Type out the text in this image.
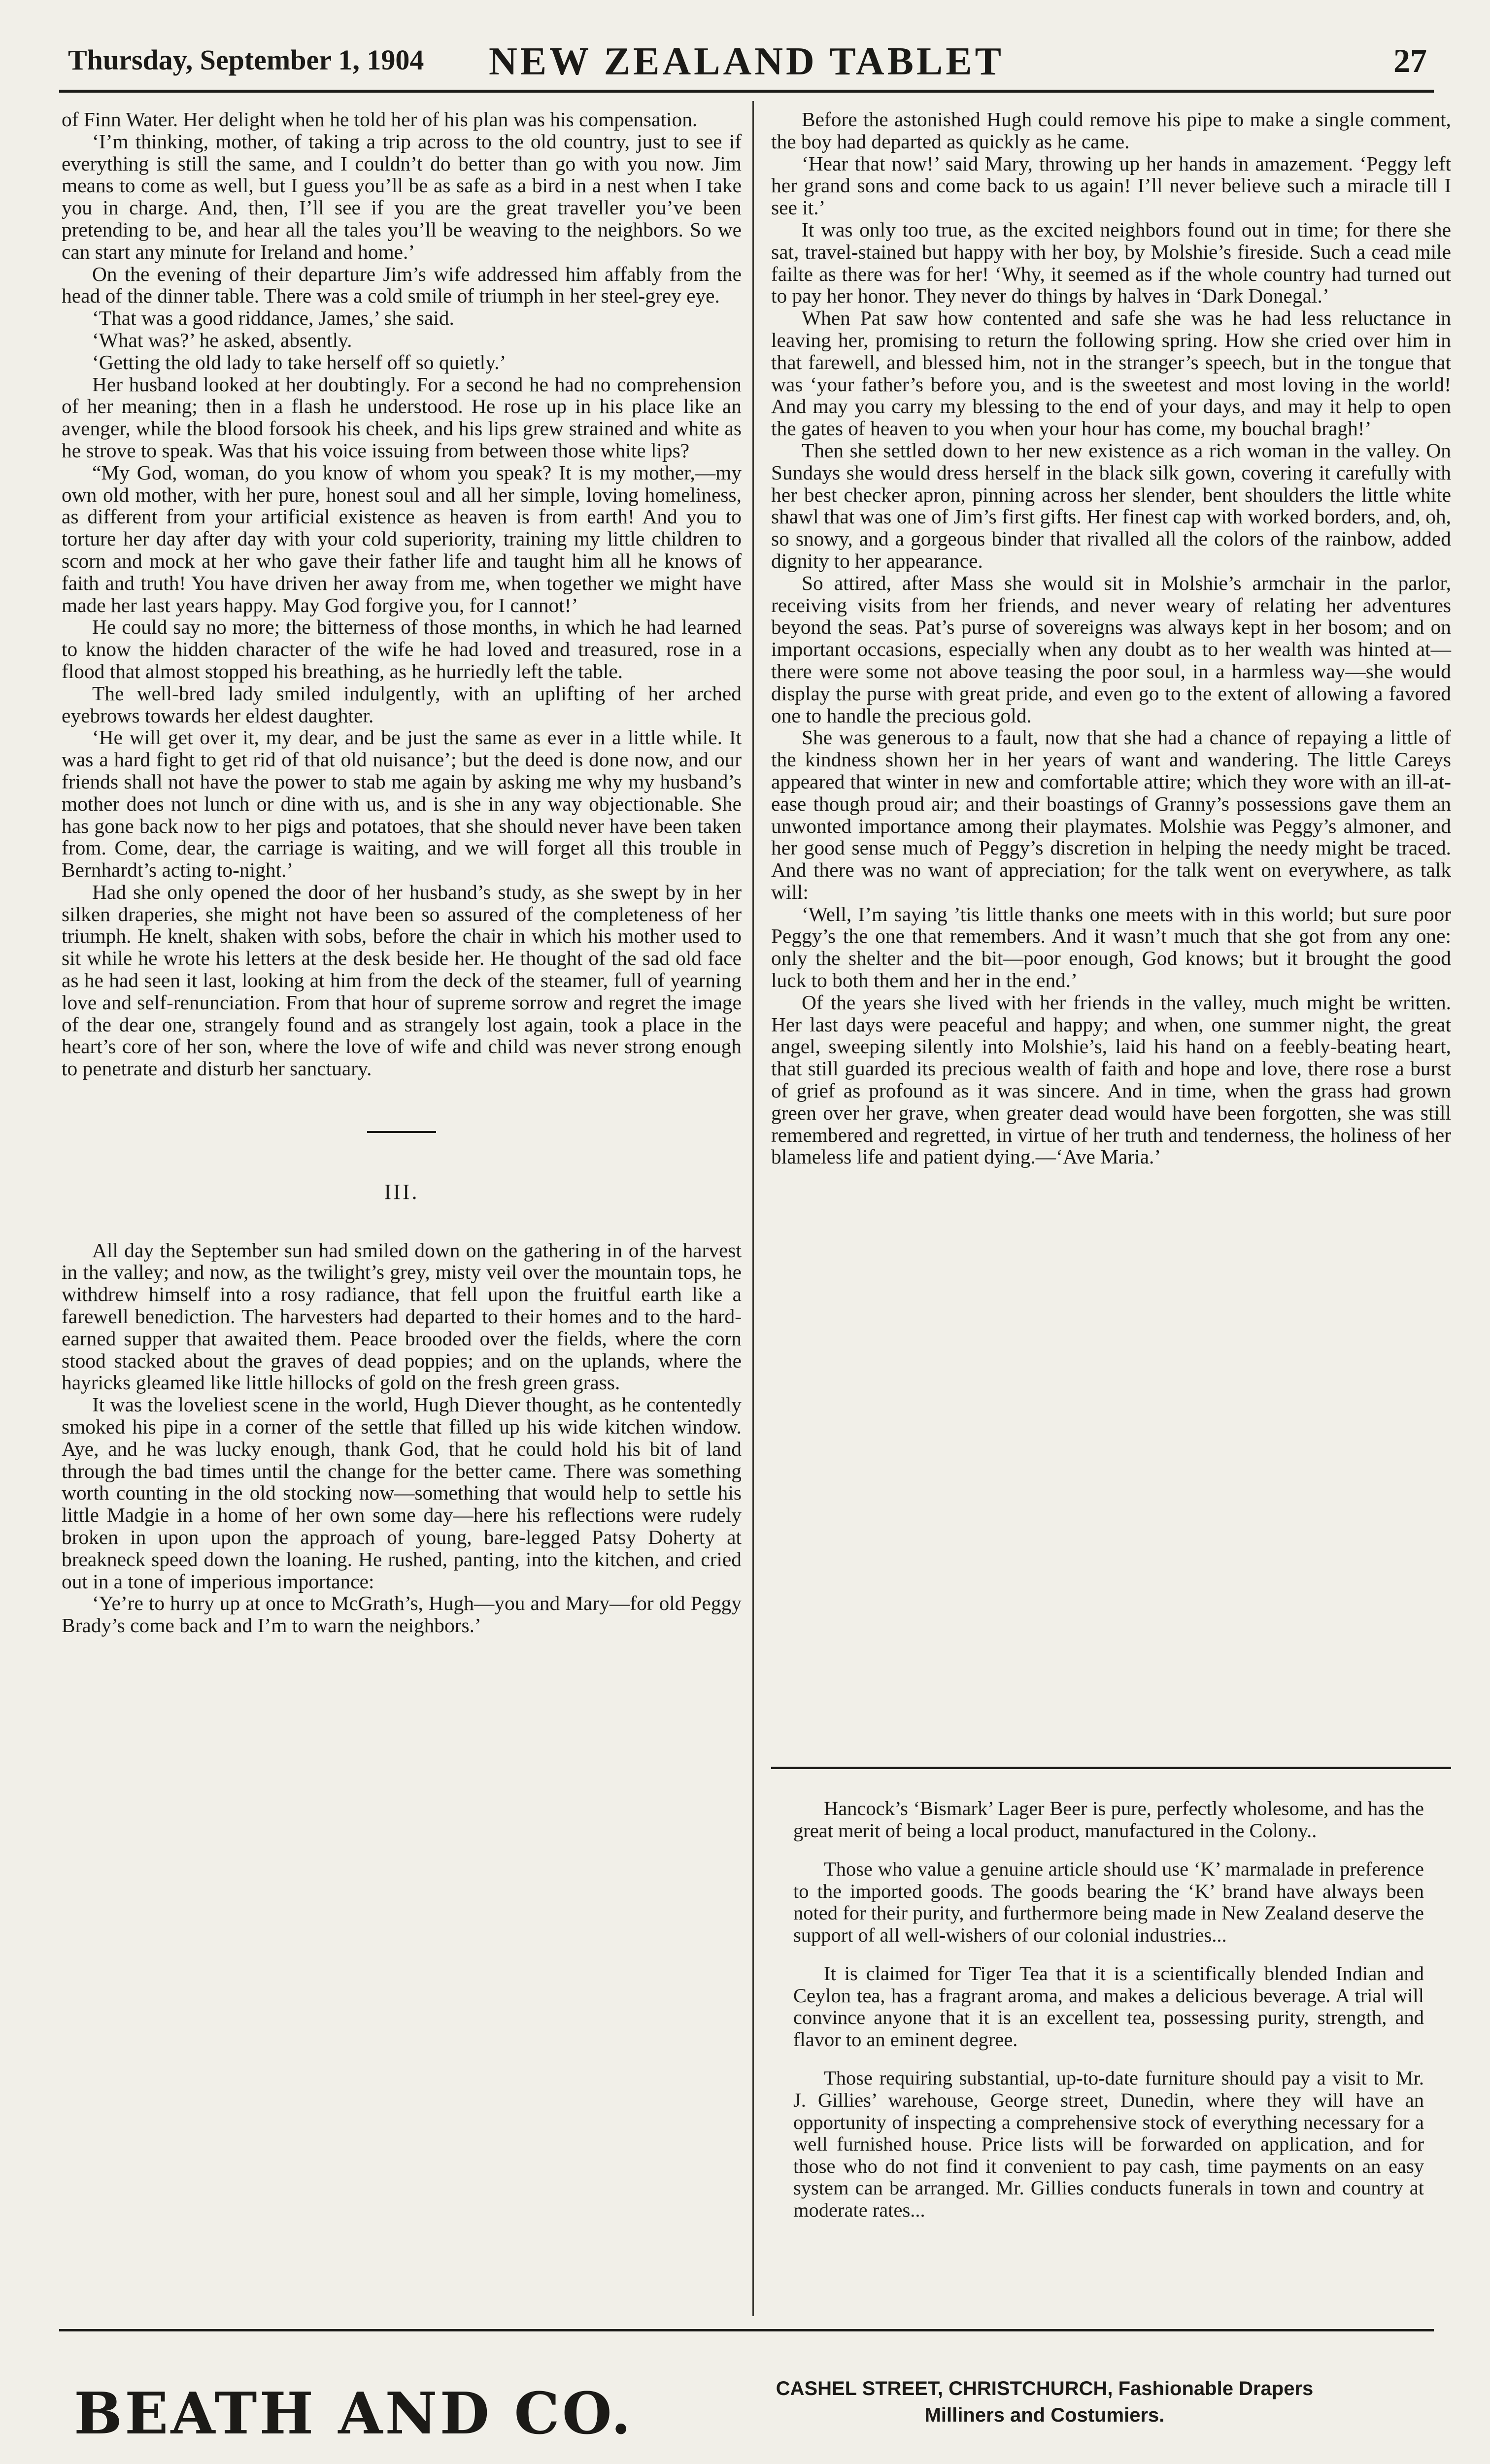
Thursday, September 1, 1904	NEW ZEALAND TABLET	27

of Finn Water. Her delight when he told her of his plan was his compensation.

‘I’m thinking, mother, of taking a trip across to the old country, just to see if everything is still the same, and I couldn’t do better than go with you now. Jim means to come as well, but I guess you’ll be as safe as a bird in a nest when I take you in charge. And, then, I’ll see if you are the great traveller you’ve been pretending to be, and hear all the tales you’ll be weaving to the neighbors. So we can start any minute for Ireland and home.’

On the evening of their departure Jim’s wife addressed him affably from the head of the dinner table. There was a cold smile of triumph in her steel-grey eye.

‘That was a good riddance, James,’ she said.

‘What was?’ he asked, absently.

‘Getting the old lady to take herself off so quietly.’

Her husband looked at her doubtingly. For a second he had no comprehension of her meaning; then in a flash he understood. He rose up in his place like an avenger, while the blood forsook his cheek, and his lips grew strained and white as he strove to speak. Was that his voice issuing from between those white lips?

“My God, woman, do you know of whom you speak? It is my mother,—my own old mother, with her pure, honest soul and all her simple, loving homeliness, as different from your artificial existence as heaven is from earth! And you to torture her day after day with your cold superiority, training my little children to scorn and mock at her who gave their father life and taught him all he knows of faith and truth! You have driven her away from me, when together we might have made her last years happy. May God forgive you, for I cannot!’

He could say no more; the bitterness of those months, in which he had learned to know the hidden character of the wife he had loved and treasured, rose in a flood that almost stopped his breathing, as he hurriedly left the table.

The well-bred lady smiled indulgently, with an uplifting of her arched eyebrows towards her eldest daughter.

‘He will get over it, my dear, and be just the same as ever in a little while. It was a hard fight to get rid of that old nuisance’; but the deed is done now, and our friends shall not have the power to stab me again by asking me why my husband’s mother does not lunch or dine with us, and is she in any way objectionable. She has gone back now to her pigs and potatoes, that she should never have been taken from. Come, dear, the carriage is waiting, and we will forget all this trouble in Bernhardt’s acting to-night.’

Had she only opened the door of her husband’s study, as she swept by in her silken draperies, she might not have been so assured of the completeness of her triumph. He knelt, shaken with sobs, before the chair in which his mother used to sit while he wrote his letters at the desk beside her. He thought of the sad old face as he had seen it last, looking at him from the deck of the steamer, full of yearning love and self-renunciation. From that hour of supreme sorrow and regret the image of the dear one, strangely found and as strangely lost again, took a place in the heart’s core of her son, where the love of wife and child was never strong enough to penetrate and disturb her sanctuary.

III.

All day the September sun had smiled down on the gathering in of the harvest in the valley; and now, as the twilight’s grey, misty veil over the mountain tops, he withdrew himself into a rosy radiance, that fell upon the fruitful earth like a farewell benediction. The harvesters had departed to their homes and to the hard-earned supper that awaited them. Peace brooded over the fields, where the corn stood stacked about the graves of dead poppies; and on the uplands, where the hayricks gleamed like little hillocks of gold on the fresh green grass.

It was the loveliest scene in the world, Hugh Diever thought, as he contentedly smoked his pipe in a corner of the settle that filled up his wide kitchen window. Aye, and he was lucky enough, thank God, that he could hold his bit of land through the bad times until the change for the better came. There was something worth counting in the old stocking now—something that would help to settle his little Madgie in a home of her own some day—here his reflections were rudely broken in upon upon the approach of young, bare-legged Patsy Doherty at breakneck speed down the loaning. He rushed, panting, into the kitchen, and cried out in a tone of imperious importance:

‘Ye’re to hurry up at once to McGrath’s, Hugh—you and Mary—for old Peggy Brady’s come back and I’m to warn the neighbors.’

Before the astonished Hugh could remove his pipe to make a single comment, the boy had departed as quickly as he came.

‘Hear that now!’ said Mary, throwing up her hands in amazement. ‘Peggy left her grand sons and come back to us again! I’ll never believe such a miracle till I see it.’

It was only too true, as the excited neighbors found out in time; for there she sat, travel-stained but happy with her boy, by Molshie’s fireside. Such a cead mile failte as there was for her! ‘Why, it seemed as if the whole country had turned out to pay her honor. They never do things by halves in ‘Dark Donegal.’

When Pat saw how contented and safe she was he had less reluctance in leaving her, promising to return the following spring. How she cried over him in that farewell, and blessed him, not in the stranger’s speech, but in the tongue that was ‘your father’s before you, and is the sweetest and most loving in the world! And may you carry my blessing to the end of your days, and may it help to open the gates of heaven to you when your hour has come, my bouchal bragh!’

Then she settled down to her new existence as a rich woman in the valley. On Sundays she would dress herself in the black silk gown, covering it carefully with her best checker apron, pinning across her slender, bent shoulders the little white shawl that was one of Jim’s first gifts. Her finest cap with worked borders, and, oh, so snowy, and a gorgeous binder that rivalled all the colors of the rainbow, added dignity to her appearance.

So attired, after Mass she would sit in Molshie’s armchair in the parlor, receiving visits from her friends, and never weary of relating her adventures beyond the seas. Pat’s purse of sovereigns was always kept in her bosom; and on important occasions, especially when any doubt as to her wealth was hinted at—there were some not above teasing the poor soul, in a harmless way—she would display the purse with great pride, and even go to the extent of allowing a favored one to handle the precious gold.

She was generous to a fault, now that she had a chance of repaying a little of the kindness shown her in her years of want and wandering. The little Careys appeared that winter in new and comfortable attire; which they wore with an ill-at-ease though proud air; and their boastings of Granny’s possessions gave them an unwonted importance among their playmates. Molshie was Peggy’s almoner, and her good sense much of Peggy’s discretion in helping the needy might be traced. And there was no want of appreciation; for the talk went on everywhere, as talk will:

‘Well, I’m saying ’tis little thanks one meets with in this world; but sure poor Peggy’s the one that remembers. And it wasn’t much that she got from any one: only the shelter and the bit—poor enough, God knows; but it brought the good luck to both them and her in the end.’

Of the years she lived with her friends in the valley, much might be written. Her last days were peaceful and happy; and when, one summer night, the great angel, sweeping silently into Molshie’s, laid his hand on a feebly-beating heart, that still guarded its precious wealth of faith and hope and love, there rose a burst of grief as profound as it was sincere. And in time, when the grass had grown green over her grave, when greater dead would have been forgotten, she was still remembered and regretted, in virtue of her truth and tenderness, the holiness of her blameless life and patient dying.—‘Ave Maria.’

Hancock’s ‘Bismark’ Lager Beer is pure, perfectly wholesome, and has the great merit of being a local product, manufactured in the Colony..

Those who value a genuine article should use ‘K’ marmalade in preference to the imported goods. The goods bearing the ‘K’ brand have always been noted for their purity, and furthermore being made in New Zealand deserve the support of all well-wishers of our colonial industries...

It is claimed for Tiger Tea that it is a scientifically blended Indian and Ceylon tea, has a fragrant aroma, and makes a delicious beverage. A trial will convince anyone that it is an excellent tea, possessing purity, strength, and flavor to an eminent degree.

Those requiring substantial, up-to-date furniture should pay a visit to Mr. J. Gillies’ warehouse, George street, Dunedin, where they will have an opportunity of inspecting a comprehensive stock of everything necessary for a well furnished house. Price lists will be forwarded on application, and for those who do not find it convenient to pay cash, time payments on an easy system can be arranged. Mr. Gillies conducts funerals in town and country at moderate rates...

BEATH AND CO.	CASHEL STREET, CHRISTCHURCH, Fashionable Drapers
Milliners and Costumiers.
